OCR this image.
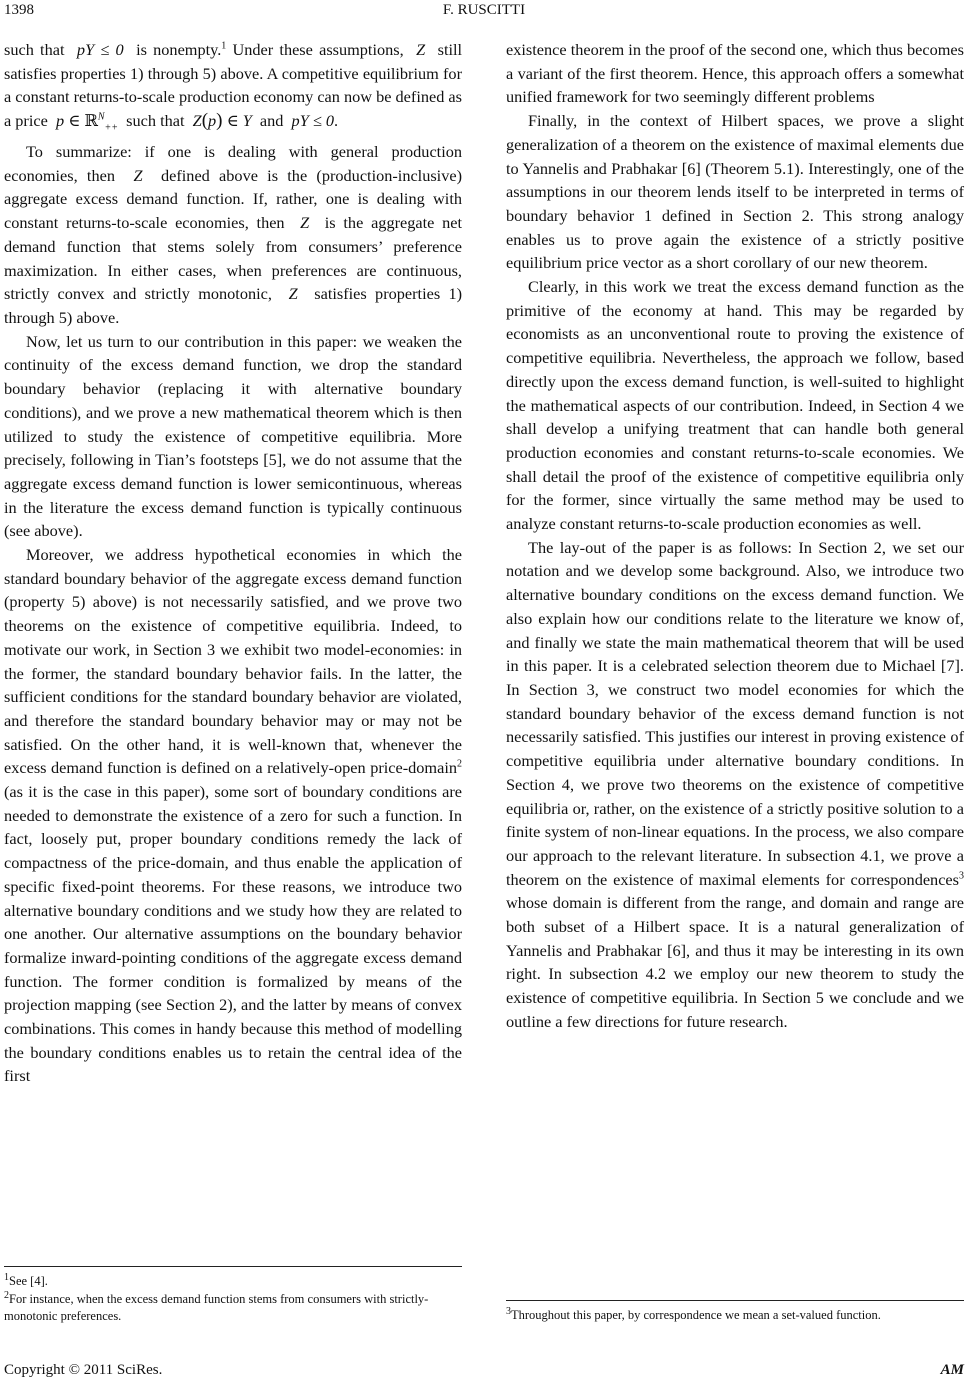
1398	F. RUSCITTI

such that pY ≤ 0 is nonempty.$^1$ Under these assumptions, Z still satisfies properties 1) through 5) above. A competitive equilibrium for a constant returns-to-scale production economy can now be defined as a price p ∈ ℝ$^N_{++}$ such that Z(p) ∈ Y and pY ≤ 0.

To summarize: if one is dealing with general production economies, then Z defined above is the (production-inclusive) aggregate excess demand function. If, rather, one is dealing with constant returns-to-scale economies, then Z is the aggregate net demand function that stems solely from consumers’ preference maximization. In either cases, when preferences are continuous, strictly convex and strictly monotonic, Z satisfies properties 1) through 5) above.

Now, let us turn to our contribution in this paper: we weaken the continuity of the excess demand function, we drop the standard boundary behavior (replacing it with alternative boundary conditions), and we prove a new mathematical theorem which is then utilized to study the existence of competitive equilibria. More precisely, following in Tian’s footsteps [5], we do not assume that the aggregate excess demand function is lower semicontinuous, whereas in the literature the excess demand function is typically continuous (see above).

Moreover, we address hypothetical economies in which the standard boundary behavior of the aggregate excess demand function (property 5) above) is not necessarily satisfied, and we prove two theorems on the existence of competitive equilibria. Indeed, to motivate our work, in Section 3 we exhibit two model-economies: in the former, the standard boundary behavior fails. In the latter, the sufficient conditions for the standard boundary behavior are violated, and therefore the standard boundary behavior may or may not be satisfied. On the other hand, it is well-known that, whenever the excess demand function is defined on a relatively-open price-domain$^2$ (as it is the case in this paper), some sort of boundary conditions are needed to demonstrate the existence of a zero for such a function. In fact, loosely put, proper boundary conditions remedy the lack of compactness of the price-domain, and thus enable the application of specific fixed-point theorems. For these reasons, we introduce two alternative boundary conditions and we study how they are related to one another. Our alternative assumptions on the boundary behavior formalize inward-pointing conditions of the aggregate excess demand function. The former condition is formalized by means of the projection mapping (see Section 2), and the latter by means of convex combinations. This comes in handy because this method of modelling the boundary conditions enables us to retain the central idea of the first

existence theorem in the proof of the second one, which thus becomes a variant of the first theorem. Hence, this approach offers a somewhat unified framework for two seemingly different problems

Finally, in the context of Hilbert spaces, we prove a slight generalization of a theorem on the existence of maximal elements due to Yannelis and Prabhakar [6] (Theorem 5.1). Interestingly, one of the assumptions in our theorem lends itself to be interpreted in terms of boundary behavior 1 defined in Section 2. This strong analogy enables us to prove again the existence of a strictly positive equilibrium price vector as a short corollary of our new theorem.

Clearly, in this work we treat the excess demand function as the primitive of the economy at hand. This may be regarded by economists as an unconventional route to proving the existence of competitive equilibria. Nevertheless, the approach we follow, based directly upon the excess demand function, is well-suited to highlight the mathematical aspects of our contribution. Indeed, in Section 4 we shall develop a unifying treatment that can handle both general production economies and constant returns-to-scale economies. We shall detail the proof of the existence of competitive equilibria only for the former, since virtually the same method may be used to analyze constant returns-to-scale production economies as well.

The lay-out of the paper is as follows: In Section 2, we set our notation and we develop some background. Also, we introduce two alternative boundary conditions on the excess demand function. We also explain how our conditions relate to the literature we know of, and finally we state the main mathematical theorem that will be used in this paper. It is a celebrated selection theorem due to Michael [7]. In Section 3, we construct two model economies for which the standard boundary behavior of the excess demand function is not necessarily satisfied. This justifies our interest in proving existence of competitive equilibria under alternative boundary conditions. In Section 4, we prove two theorems on the existence of competitive equilibria or, rather, on the existence of a strictly positive solution to a finite system of non-linear equations. In the process, we also compare our approach to the relevant literature. In subsection 4.1, we prove a theorem on the existence of maximal elements for correspondences$^3$ whose domain is different from the range, and domain and range are both subset of a Hilbert space. It is a natural generalization of Yannelis and Prabhakar [6], and thus it may be interesting in its own right. In subsection 4.2 we employ our new theorem to study the existence of competitive equilibria. In Section 5 we conclude and we outline a few directions for future research.

$^1$See [4].

$^2$For instance, when the excess demand function stems from consumers with strictly-monotonic preferences.	$^3$Throughout this paper, by correspondence we mean a set-valued function.

Copyright © 2011 SciRes.	AM
